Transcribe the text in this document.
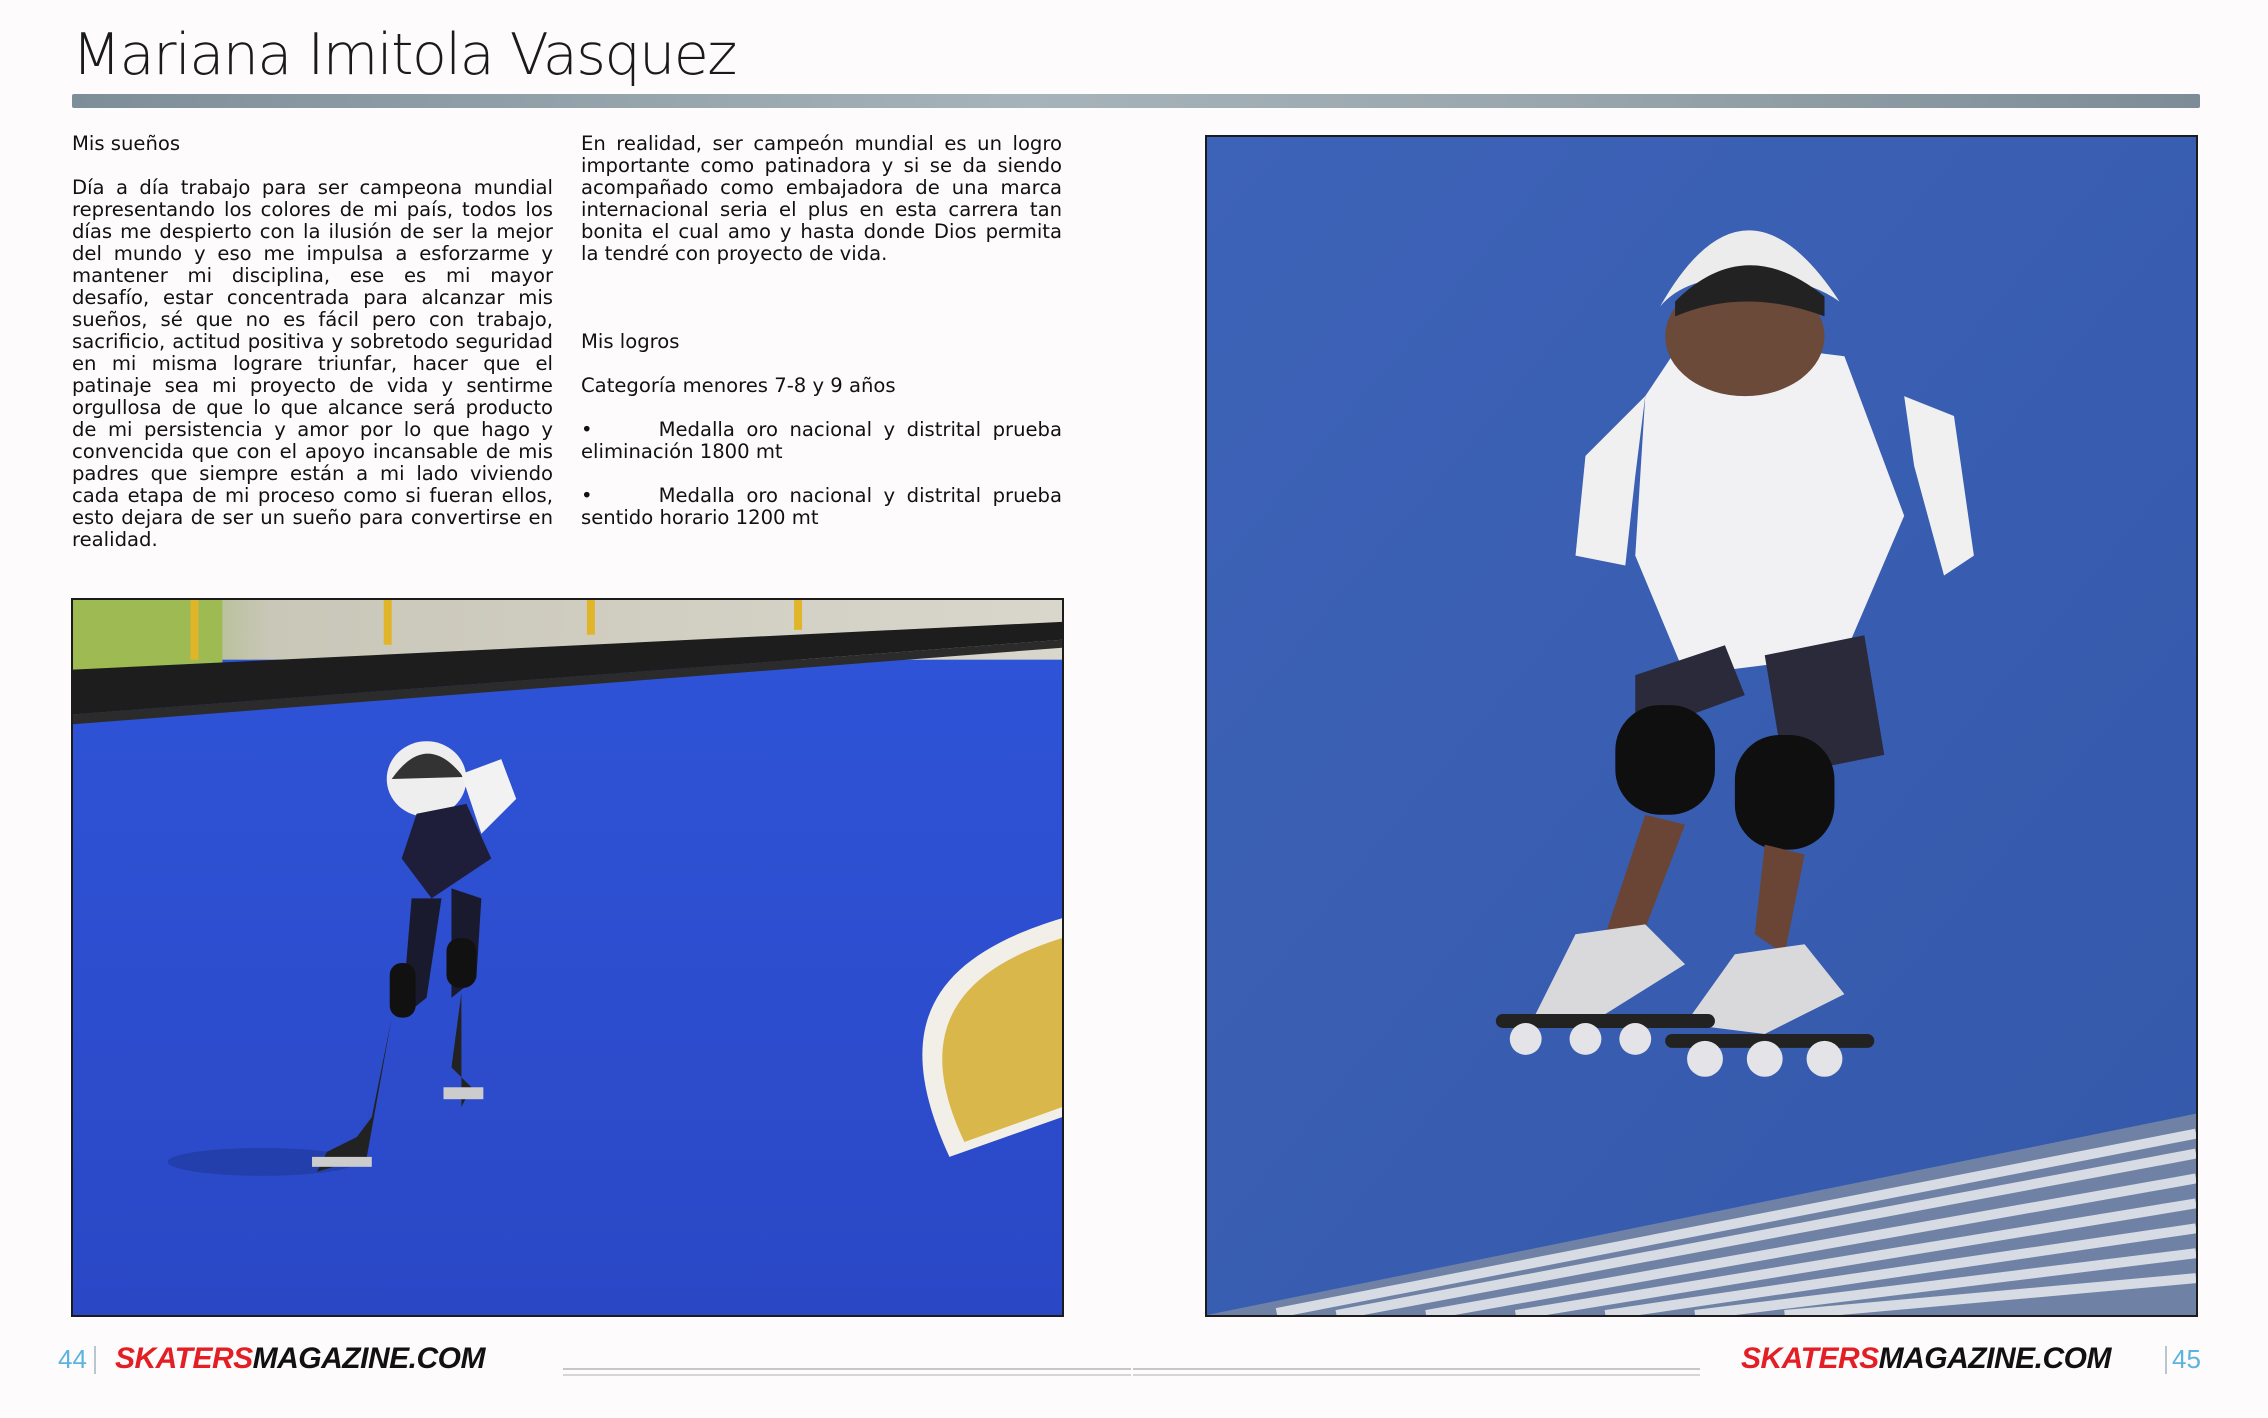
Mariana Imitola Vasquez

Mis sueños

Día a día trabajo para ser campeona mundial representando los colores de mi país, todos los días me despierto con la ilusión de ser la mejor del mundo y eso me impulsa a esforzarme y mantener mi disciplina, ese es mi mayor desafío, estar concentrada para alcanzar mis sueños, sé que no es fácil pero con trabajo, sacrificio, actitud positiva y sobretodo seguridad en mi misma lograre triunfar, hacer que el patinaje sea mi proyecto de vida y sentirme orgullosa de que lo que alcance será producto de mi persistencia y amor por lo que hago y convencida que con el apoyo incansable de mis padres que siempre están a mi lado viviendo cada etapa de mi proceso como si fueran ellos, esto dejara de ser un sueño para convertirse en realidad.

En realidad, ser campeón mundial es un logro importante como patinadora y si se da siendo acompañado como embajadora de una marca internacional seria el plus en esta carrera tan bonita el cual amo y hasta donde Dios permita la tendré con proyecto de vida.

Mis logros

Categoría menores 7-8 y 9 años

•	Medalla oro nacional y distrital prueba eliminación 1800 mt

•	Medalla oro nacional y distrital prueba sentido horario 1200 mt

44 SKATERSMAGAZINE.COM	SKATERSMAGAZINE.COM 45
